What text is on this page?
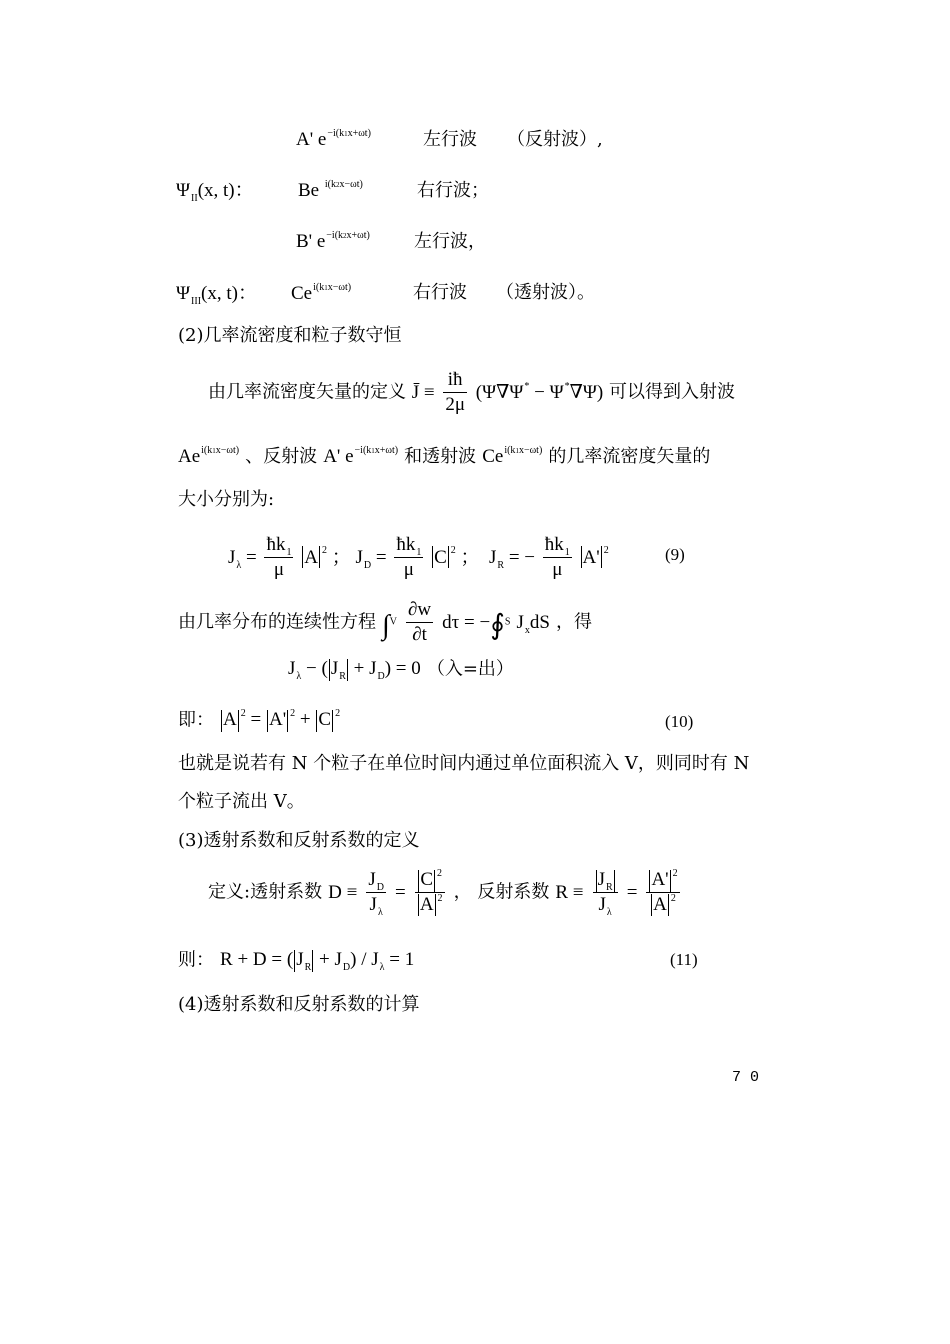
A' $e^{-i(k1x+\omega t)}$	左行波 （反射波）,
$\Psi_{II}(x$, t)： Be $^{i(k2x-\omega t)}$	右行波；
B' $e^{-i(k2x+\omega t)}$ 左行波，
$\Psi_{III}(x$, t)： $Ce^{i(k1x-\omega t)}$	右行波 （透射波）。
(2)几率流密度和粒子数守恒
由几率流密度矢量的定义 J̄ ≡ $\frac{iħ}{2\mu} (\Psi\nabla\Psi^* - \Psi^*\nabla\Psi)$ 可以得到入射波
$Ae^{i(k1x-\omega t)}$ 、反射波 A' $e^{-i(k1x+\omega t)}$ 和透射波 $Ce^{i(k1x-\omega t)}$ 的几率流密度矢量的
大小分别为:
$J_\lambda = \frac{ħk_1}{\mu}$ A $^2$ ； $J_D = \frac{ħk_1}{\mu}$ C $^2$ ；  $J_R$ = − $\frac{ħk_1}{\mu} A'$ $^2$	(9)
由几率分布的连续性方程 $\int V \frac{\partial w}{\partial t}$ dτ = −∮S $J_xdS$ ，得
$J_\lambda$ − ( $J_R + J_D) = 0$ （入=出）
即： A $^2$ = A' $^2$ + C $^2$	(10)
也就是说若有 N 个粒子在单位时间内通过单位面积流入 V，则同时有 N
个粒子流出 V。
(3)透射系数和反射系数的定义
定义:透射系数 $D \equiv \frac{J_D}{J_\lambda} = \frac{C ^2}{A ^2}$ ， 反射系数 $R \equiv \frac{J_R}{J_\lambda} = \frac{A' ^2}{A ^2}$
则： R + D = ( $J_R + J_D) / J_\lambda = 1$	(11)
(4)透射系数和反射系数的计算
7 0
